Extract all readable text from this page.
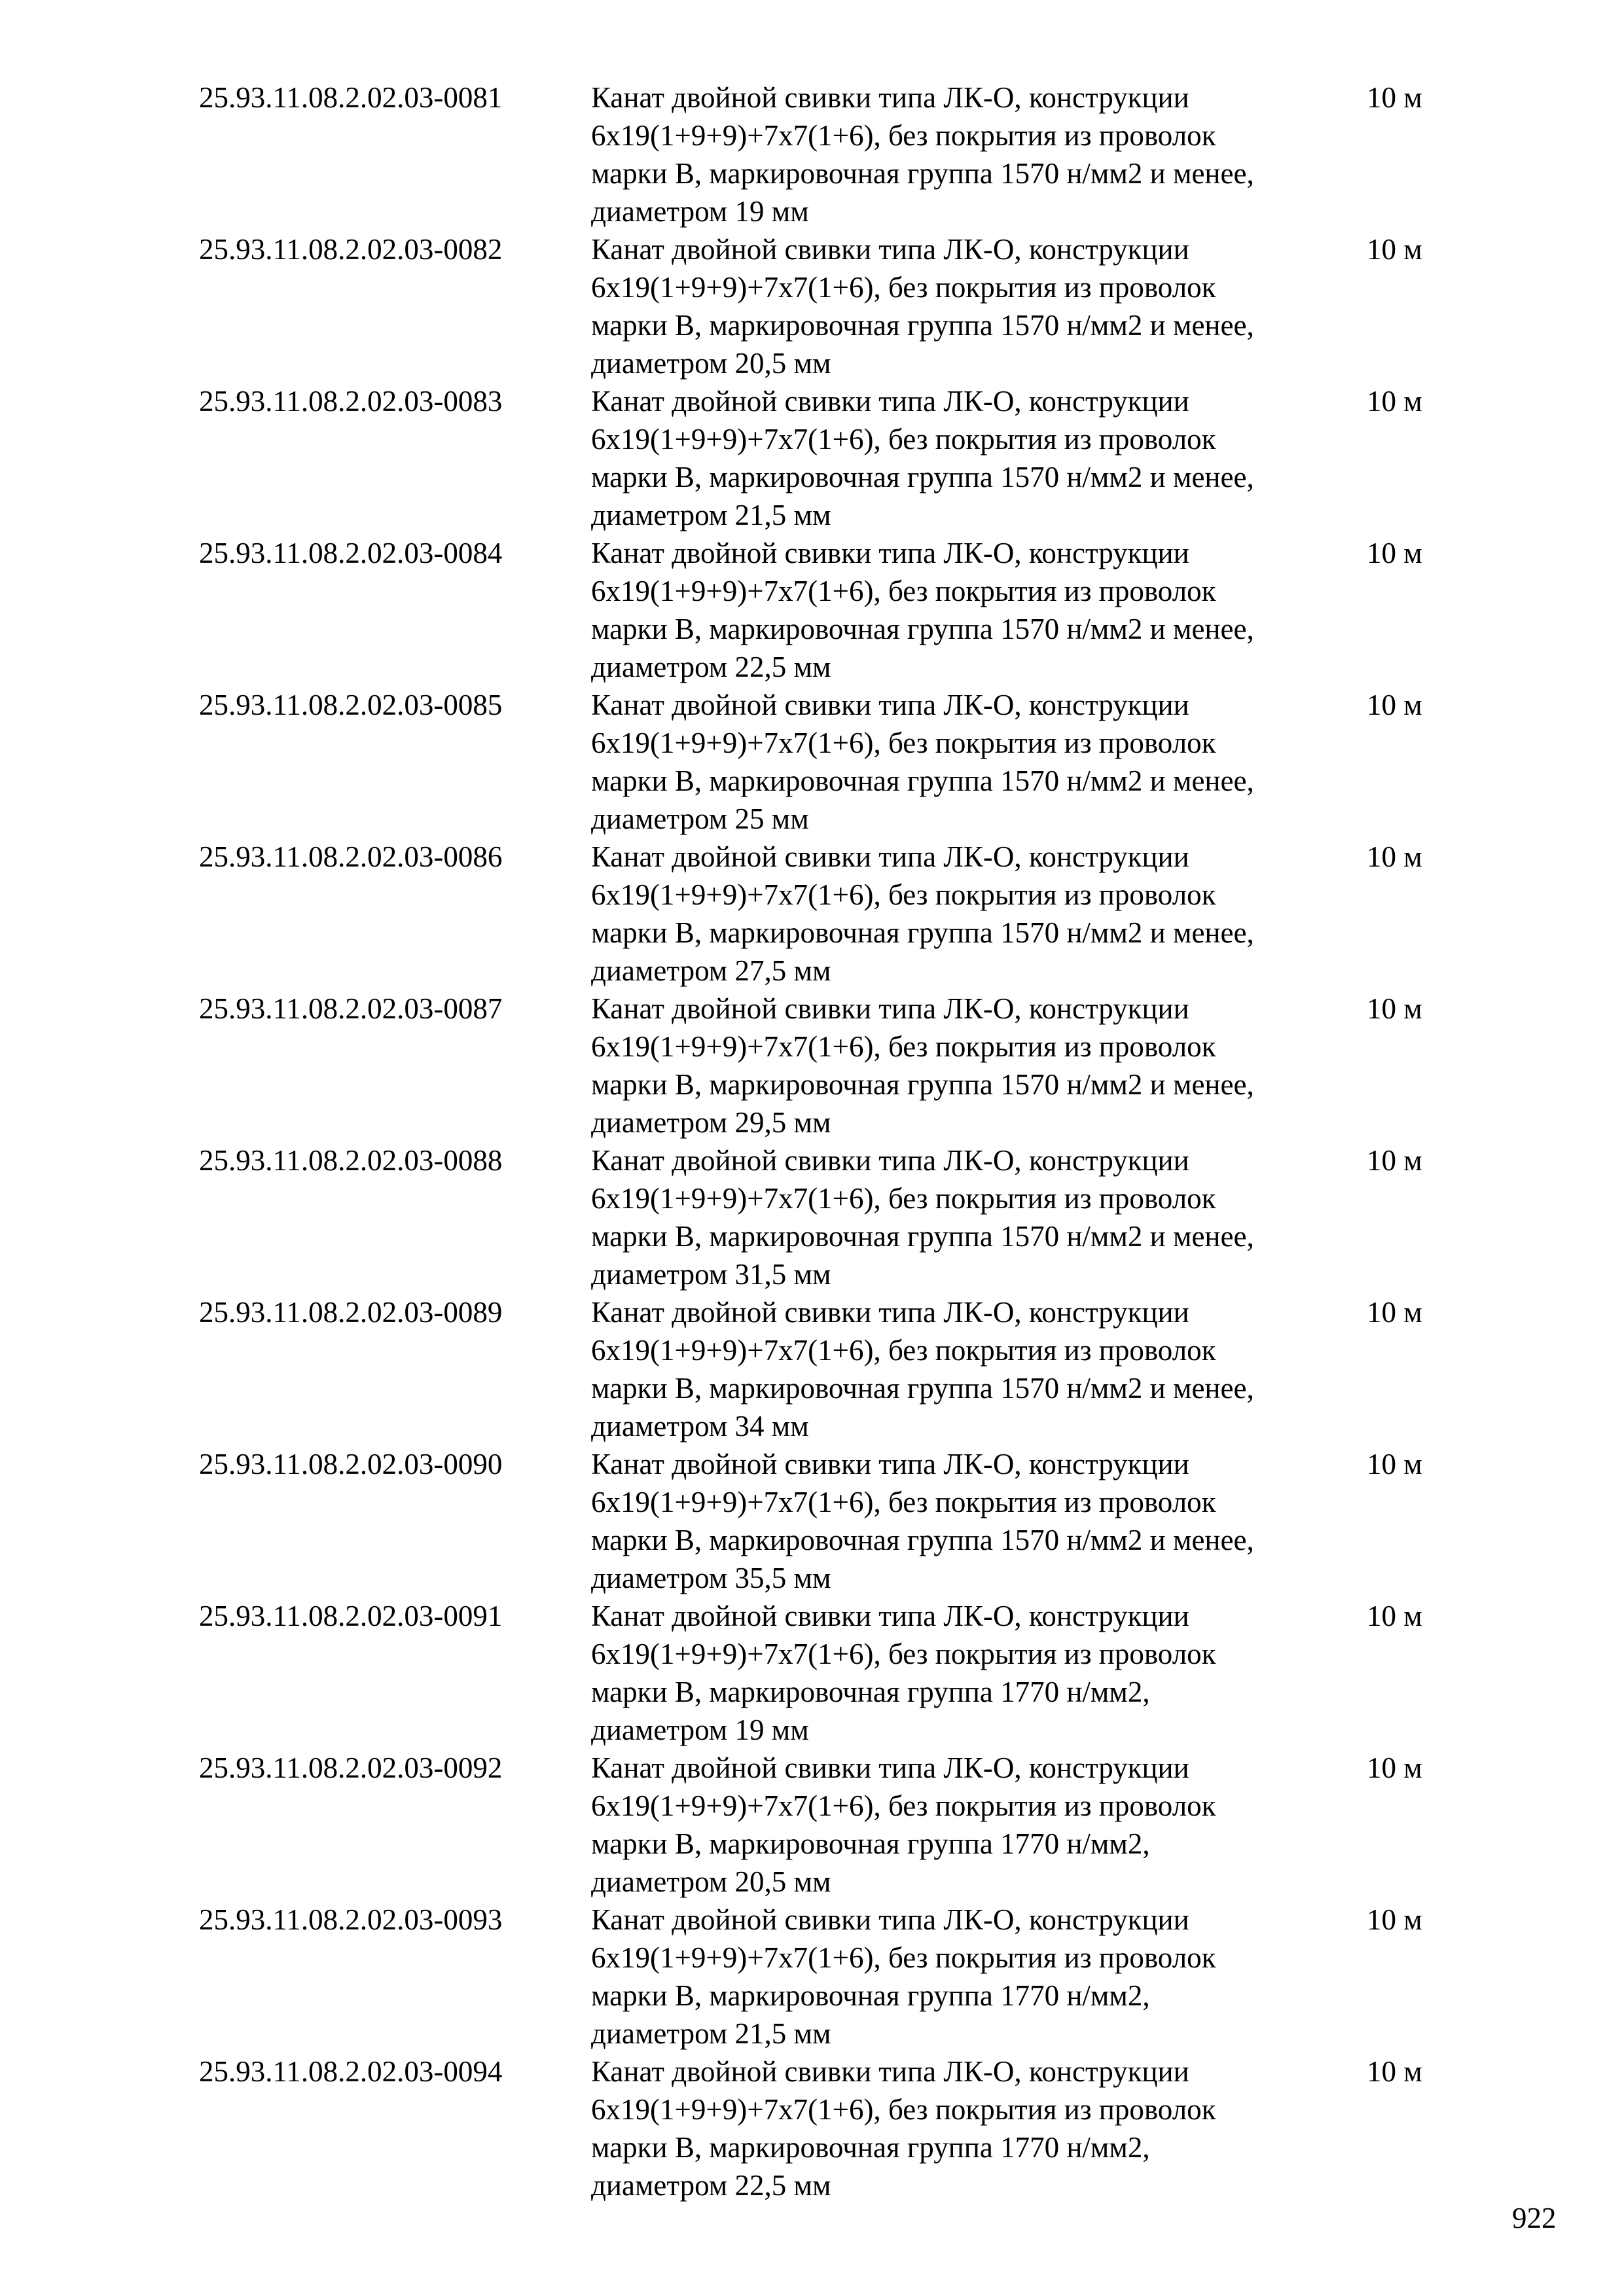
25.93.11.08.2.02.03-0081	Канат двойной свивки типа ЛК-О, конструкции
6х19(1+9+9)+7х7(1+6), без покрытия из проволок
марки В, маркировочная группа 1570 н/мм2 и менее,
диаметром 19 мм
10 м
25.93.11.08.2.02.03-0082	Канат двойной свивки типа ЛК-О, конструкции
6х19(1+9+9)+7х7(1+6), без покрытия из проволок
марки В, маркировочная группа 1570 н/мм2 и менее,
диаметром 20,5 мм
10 м
25.93.11.08.2.02.03-0083	Канат двойной свивки типа ЛК-О, конструкции
6х19(1+9+9)+7х7(1+6), без покрытия из проволок
марки В, маркировочная группа 1570 н/мм2 и менее,
диаметром 21,5 мм
10 м
25.93.11.08.2.02.03-0084	Канат двойной свивки типа ЛК-О, конструкции
6х19(1+9+9)+7х7(1+6), без покрытия из проволок
марки В, маркировочная группа 1570 н/мм2 и менее,
диаметром 22,5 мм
10 м
25.93.11.08.2.02.03-0085	Канат двойной свивки типа ЛК-О, конструкции
6х19(1+9+9)+7х7(1+6), без покрытия из проволок
марки В, маркировочная группа 1570 н/мм2 и менее,
диаметром 25 мм
10 м
25.93.11.08.2.02.03-0086	Канат двойной свивки типа ЛК-О, конструкции
6х19(1+9+9)+7х7(1+6), без покрытия из проволок
марки В, маркировочная группа 1570 н/мм2 и менее,
диаметром 27,5 мм
10 м
25.93.11.08.2.02.03-0087	Канат двойной свивки типа ЛК-О, конструкции
6х19(1+9+9)+7х7(1+6), без покрытия из проволок
марки В, маркировочная группа 1570 н/мм2 и менее,
диаметром 29,5 мм
10 м
25.93.11.08.2.02.03-0088	Канат двойной свивки типа ЛК-О, конструкции
6х19(1+9+9)+7х7(1+6), без покрытия из проволок
марки В, маркировочная группа 1570 н/мм2 и менее,
диаметром 31,5 мм
10 м
25.93.11.08.2.02.03-0089	Канат двойной свивки типа ЛК-О, конструкции
6х19(1+9+9)+7х7(1+6), без покрытия из проволок
марки В, маркировочная группа 1570 н/мм2 и менее,
диаметром 34 мм
10 м
25.93.11.08.2.02.03-0090	Канат двойной свивки типа ЛК-О, конструкции
6х19(1+9+9)+7х7(1+6), без покрытия из проволок
марки В, маркировочная группа 1570 н/мм2 и менее,
диаметром 35,5 мм
10 м
25.93.11.08.2.02.03-0091	Канат двойной свивки типа ЛК-О, конструкции
6х19(1+9+9)+7х7(1+6), без покрытия из проволок
марки В, маркировочная группа 1770 н/мм2,
диаметром 19 мм
10 м
25.93.11.08.2.02.03-0092	Канат двойной свивки типа ЛК-О, конструкции
6х19(1+9+9)+7х7(1+6), без покрытия из проволок
марки В, маркировочная группа 1770 н/мм2,
диаметром 20,5 мм
10 м
25.93.11.08.2.02.03-0093	Канат двойной свивки типа ЛК-О, конструкции
6х19(1+9+9)+7х7(1+6), без покрытия из проволок
марки В, маркировочная группа 1770 н/мм2,
диаметром 21,5 мм
10 м
25.93.11.08.2.02.03-0094	Канат двойной свивки типа ЛК-О, конструкции
6х19(1+9+9)+7х7(1+6), без покрытия из проволок
марки В, маркировочная группа 1770 н/мм2,
диаметром 22,5 мм
10 м
922
